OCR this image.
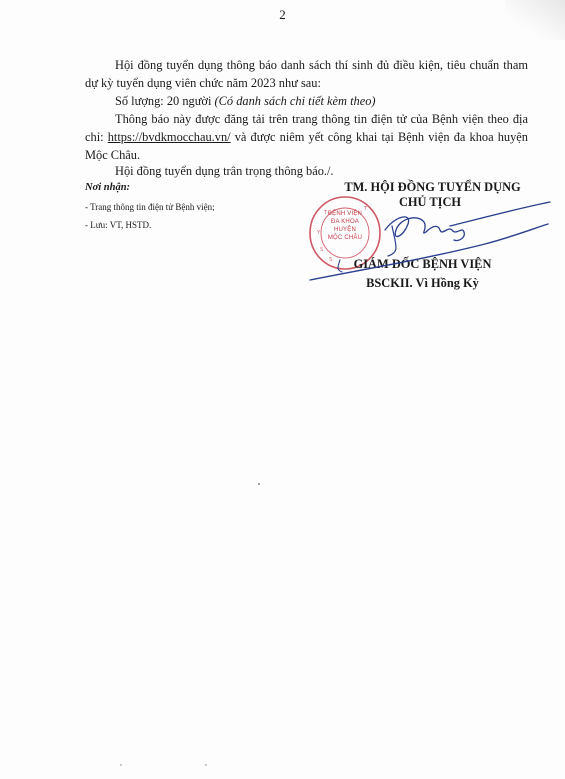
2
Hội đồng tuyển dụng thông báo danh sách thí sinh đủ điều kiện, tiêu chuẩn tham dự kỳ tuyển dụng viên chức năm 2023 như sau:
Số lượng: 20 người (Có danh sách chi tiết kèm theo)
Thông báo này được đăng tải trên trang thông tin điện tử của Bệnh viện theo địa chỉ: https://bvdkmocchau.vn/ và được niêm yết công khai tại Bệnh viện đa khoa huyện Mộc Châu.
Hội đồng tuyển dụng trân trọng thông báo./.
Nơi nhận:
- Trang thông tin điện tử Bệnh viện;
- Lưu: VT, HSTD.
TM. HỘI ĐỒNG TUYỂN DỤNG
CHỦ TỊCH
Y
S
S
T
T BỆNH VIỆN
ĐA KHOA
HUYỆN
MỘC CHÂU
GIÁM ĐỐC BỆNH VIỆN
BSCKII. Vì Hồng Kỳ
